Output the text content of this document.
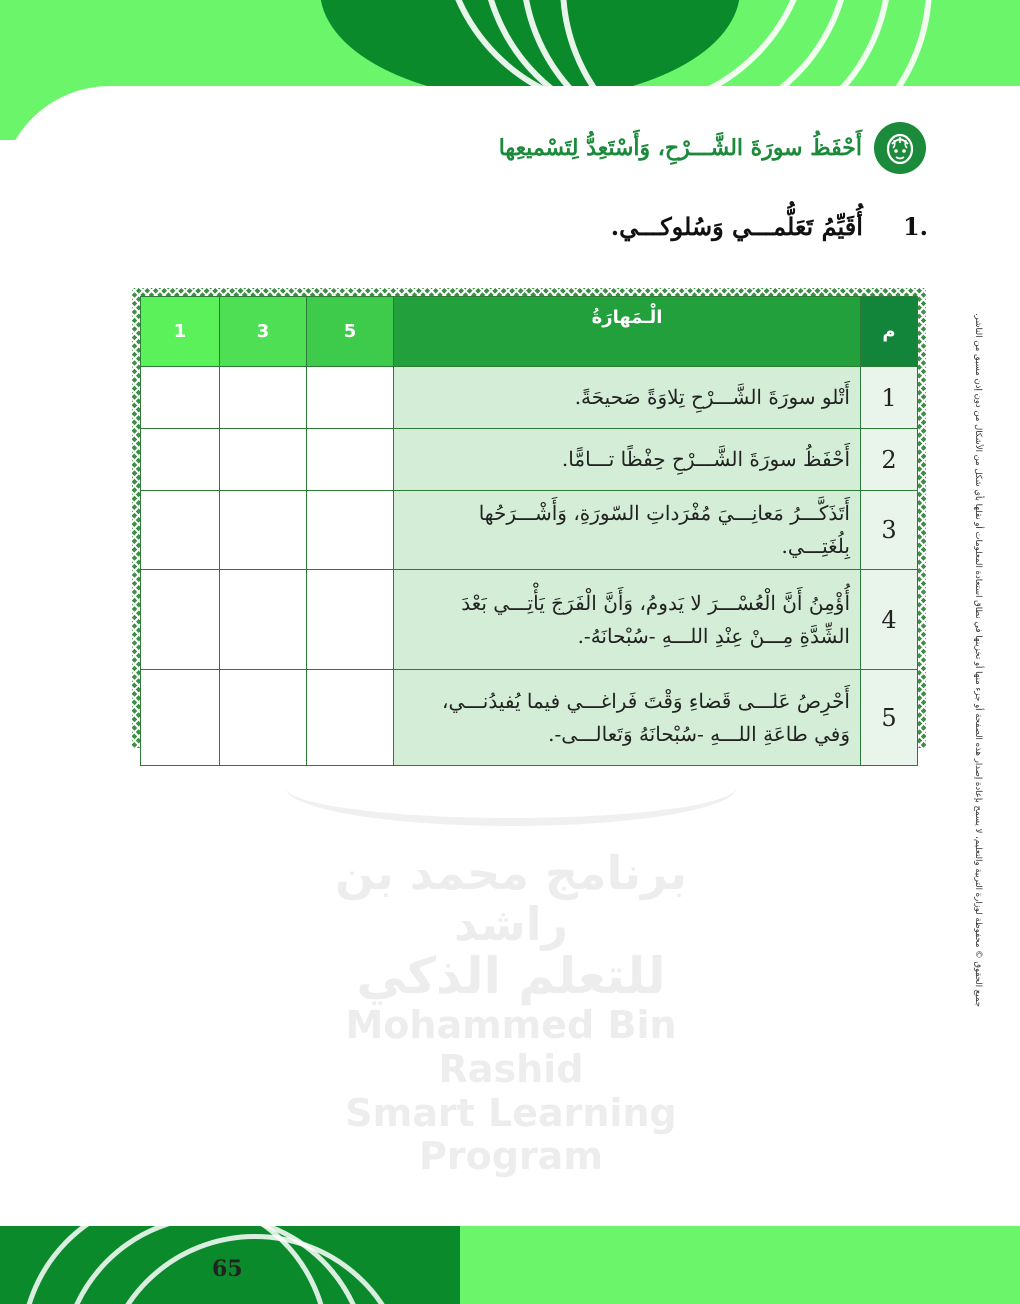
برنامج محمد بن راشد
للتعلم الذكي
Mohammed Bin Rashid
Smart Learning Program
أَحْفَظُ سورَةَ الشَّـــرْحِ، وَأَسْتَعِدُّ لِتَسْميعِها
1.
أُقَيِّمُ تَعَلُّمـــي وَسُلوكـــي.
م	الْـمَهارَةُ	5	3	1
1	أَتْلو سورَةَ الشَّـــرْحِ تِلاوَةً صَحيحَةً.			
2	أَحْفَظُ سورَةَ الشَّـــرْحِ حِفْظًا تـــامًّا.			
3	أَتَذَكَّـــرُ مَعانِـــيَ مُفْرَداتِ السّورَةِ، وَأَشْـــرَحُها بِلُغَتِـــي.			
4	أُؤْمِنُ أَنَّ الْعُسْـــرَ لا يَدومُ، وَأَنَّ الْفَرَجَ يَأْتِـــي بَعْدَ الشِّدَّةِ مِـــنْ عِنْدِ اللـــهِ -سُبْحانَهُ-.			
5	أَحْرِصُ عَلـــى قَضاءِ وَقْتَ فَراغـــي فيما يُفيدُنـــي، وَفي طاعَةِ اللـــهِ -سُبْحانَهُ وَتَعالـــى-.				جميع الحقوق © محفوظة لوزارة التربية والتعليم، لا يسمح بإعادة إصدار هذه الصفحة أو جزء منها أو تخزينها في نطاق استعادة المعلومات أو نقلها بأي شكل من الأشكال من دون إذن مسبق من الناشر.
65
